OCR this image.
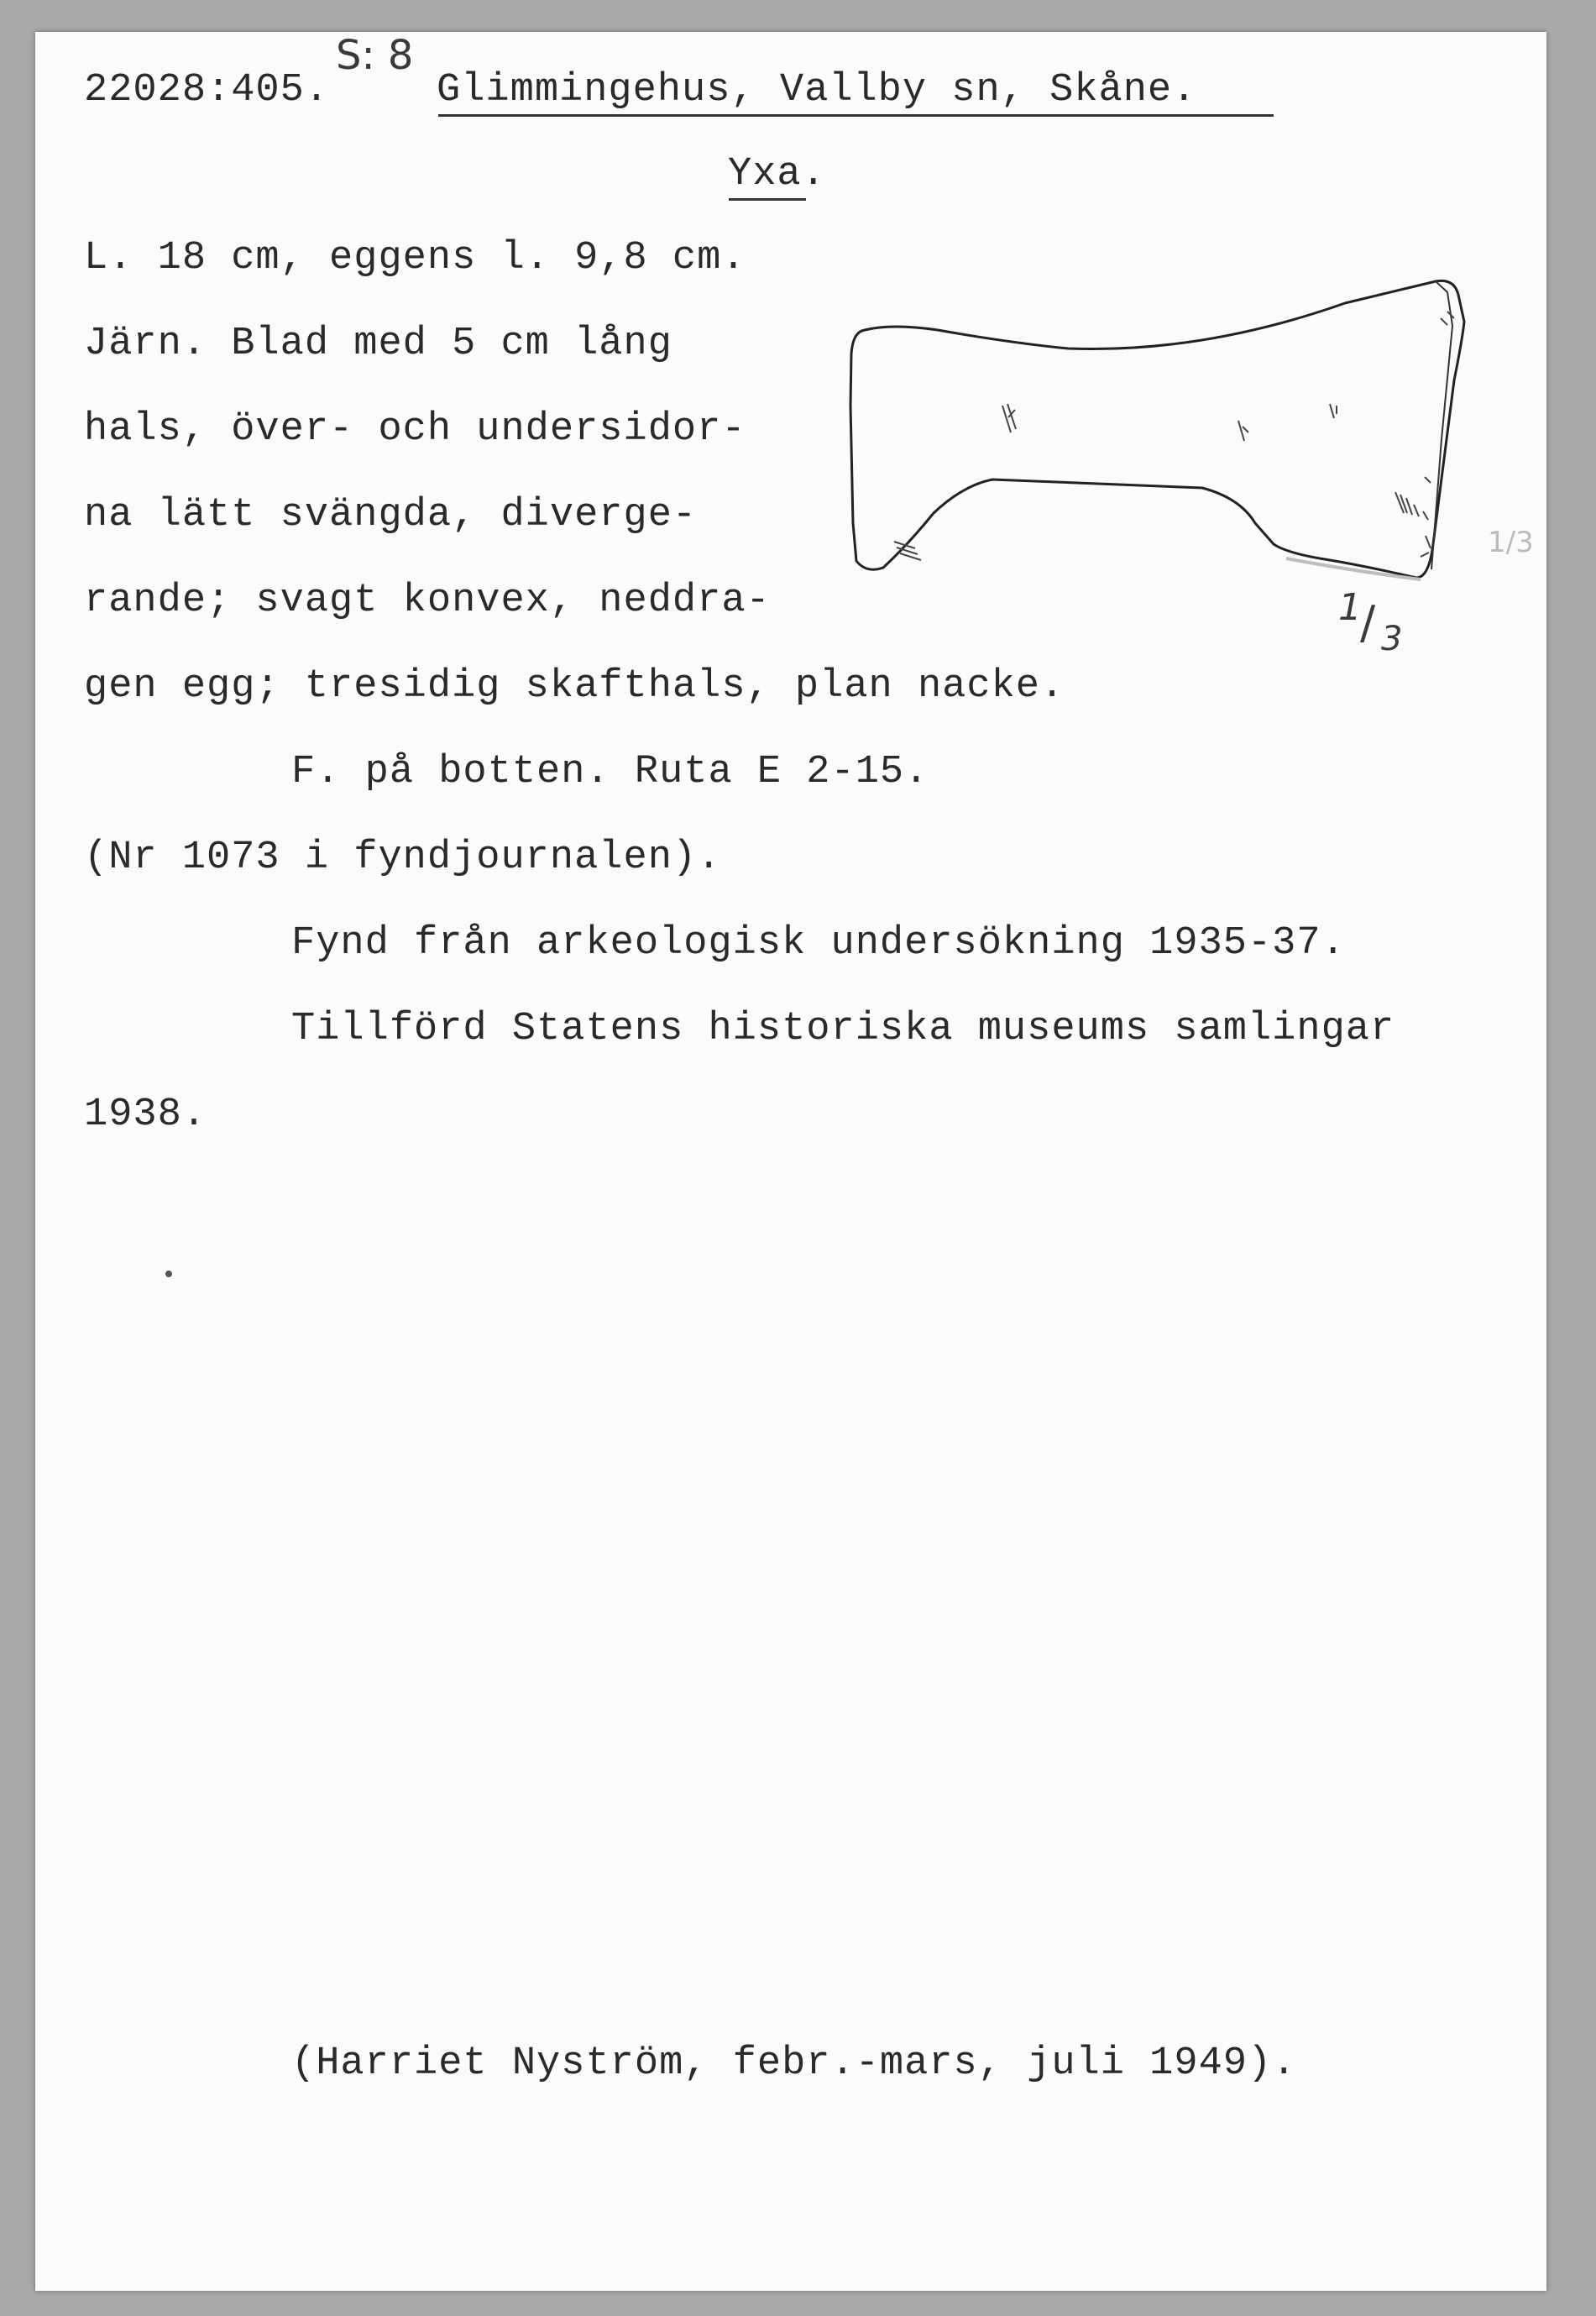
22028:405.
S: 8
Glimmingehus, Vallby sn, Skåne.
Yxa.
L. 18 cm, eggens l. 9,8 cm.
Järn. Blad med 5 cm lång
hals, över- och undersidor-
na lätt svängda, diverge-
rande; svagt konvex, neddra-
gen egg; tresidig skafthals, plan nacke.
1
/ 3
1/3
F. på botten. Ruta E 2-15.
(Nr 1073 i fyndjournalen).
Fynd från arkeologisk undersökning 1935-37.
Tillförd Statens historiska museums samlingar
1938.
(Harriet Nyström, febr.-mars, juli 1949).
